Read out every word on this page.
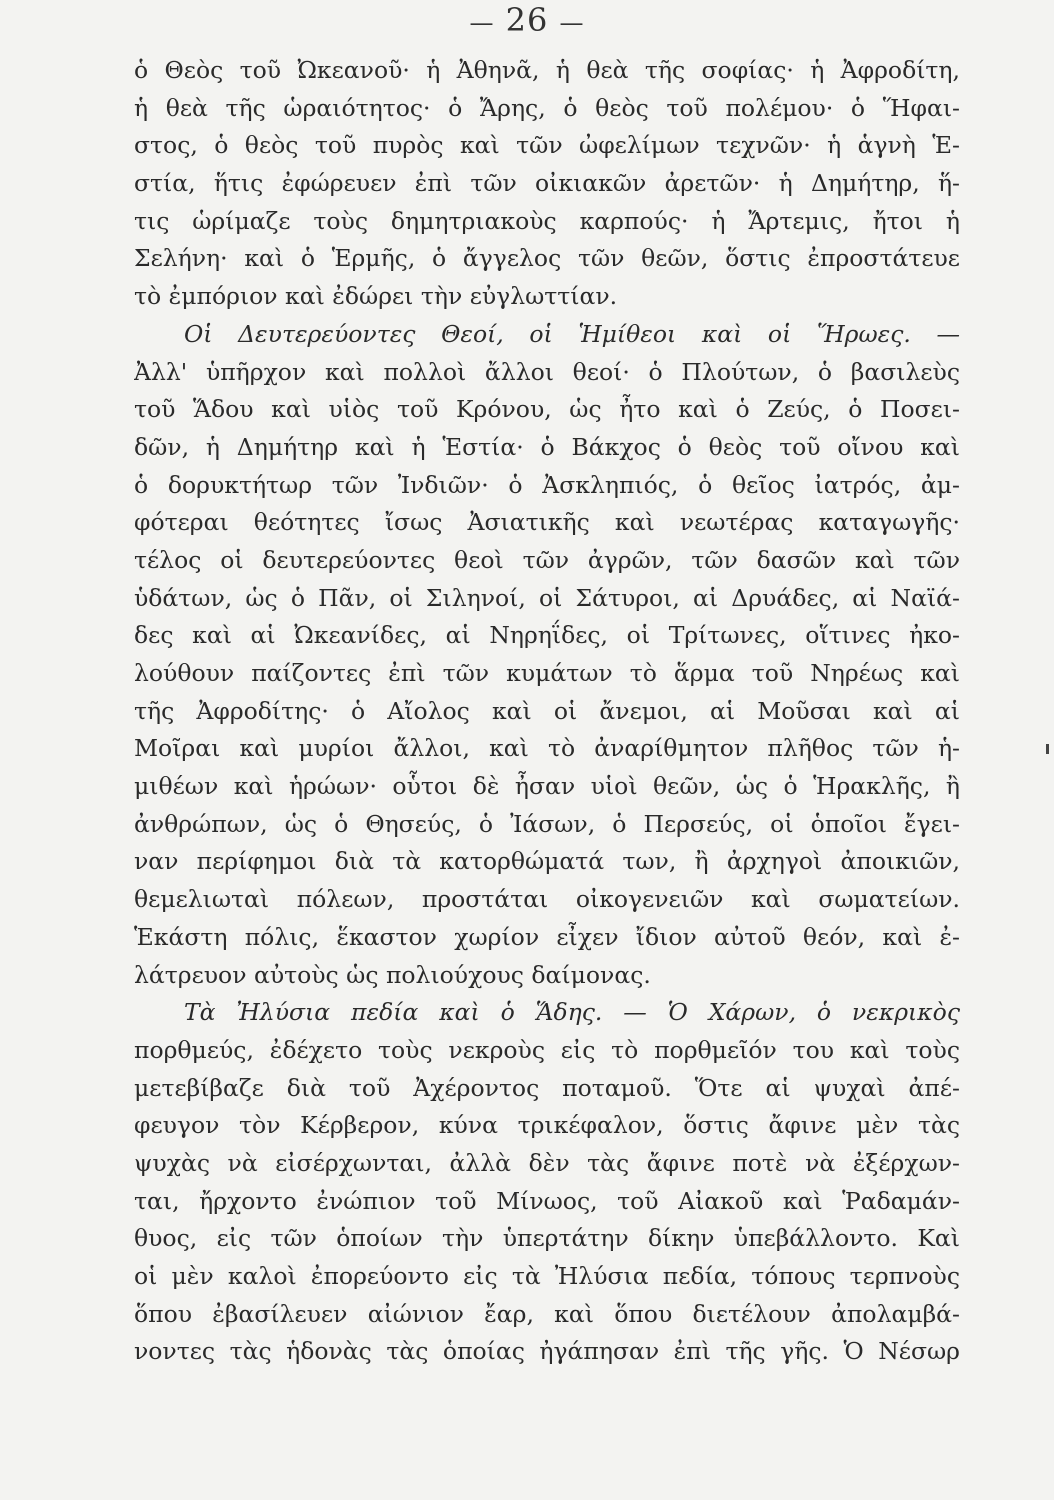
— 26 —
ὁ Θεὸς τοῦ Ὠκεανοῦ· ἡ Ἀθηνᾶ, ἡ θεὰ τῆς σοφίας· ἡ Ἀφροδίτη,
ἡ θεὰ τῆς ὡραιότητος· ὁ Ἄρης, ὁ θεὸς τοῦ πολέμου· ὁ Ἥφαι-
στος, ὁ θεὸς τοῦ πυρὸς καὶ τῶν ὠφελίμων τεχνῶν· ἡ ἁγνὴ Ἑ-
στία, ἥτις ἐφώρευεν ἐπὶ τῶν οἰκιακῶν ἀρετῶν· ἡ Δημήτηρ, ἥ-
τις ὡρίμαζε τοὺς δημητριακοὺς καρπούς· ἡ Ἄρτεμις, ἤτοι ἡ
Σελήνη· καὶ ὁ Ἑρμῆς, ὁ ἄγγελος τῶν θεῶν, ὅστις ἐπροστάτευε
τὸ ἐμπόριον καὶ ἐδώρει τὴν εὐγλωττίαν.
Οἱ Δευτερεύοντες Θεοί, οἱ Ἡμίθεοι καὶ οἱ Ἥρωες. —
Ἀλλ' ὑπῆρχον καὶ πολλοὶ ἄλλοι θεοί· ὁ Πλούτων, ὁ βασιλεὺς
τοῦ Ἅδου καὶ υἱὸς τοῦ Κρόνου, ὡς ἦτο καὶ ὁ Ζεύς, ὁ Ποσει-
δῶν, ἡ Δημήτηρ καὶ ἡ Ἑστία· ὁ Βάκχος ὁ θεὸς τοῦ οἴνου καὶ
ὁ δορυκτήτωρ τῶν Ἰνδιῶν· ὁ Ἀσκληπιός, ὁ θεῖος ἰατρός, ἀμ-
φότεραι θεότητες ἴσως Ἀσιατικῆς καὶ νεωτέρας καταγωγῆς·
τέλος οἱ δευτερεύοντες θεοὶ τῶν ἀγρῶν, τῶν δασῶν καὶ τῶν
ὑδάτων, ὡς ὁ Πᾶν, οἱ Σιληνοί, οἱ Σάτυροι, αἱ Δρυάδες, αἱ Ναϊά-
δες καὶ αἱ Ὠκεανίδες, αἱ Νηρηΐδες, οἱ Τρίτωνες, οἵτινες ἠκο-
λούθουν παίζοντες ἐπὶ τῶν κυμάτων τὸ ἅρμα τοῦ Νηρέως καὶ
τῆς Ἀφροδίτης· ὁ Αἴολος καὶ οἱ ἄνεμοι, αἱ Μοῦσαι καὶ αἱ
Μοῖραι καὶ μυρίοι ἄλλοι, καὶ τὸ ἀναρίθμητον πλῆθος τῶν ἡ-
μιθέων καὶ ἡρώων· οὗτοι δὲ ἦσαν υἱοὶ θεῶν, ὡς ὁ Ἡρακλῆς, ἢ
ἀνθρώπων, ὡς ὁ Θησεύς, ὁ Ἰάσων, ὁ Περσεύς, οἱ ὁποῖοι ἔγει-
ναν περίφημοι διὰ τὰ κατορθώματά των, ἢ ἀρχηγοὶ ἀποικιῶν,
θεμελιωταὶ πόλεων, προστάται οἰκογενειῶν καὶ σωματείων.
Ἑκάστη πόλις, ἕκαστον χωρίον εἶχεν ἴδιον αὐτοῦ θεόν, καὶ ἐ-
λάτρευον αὐτοὺς ὡς πολιούχους δαίμονας.
Τὰ Ἠλύσια πεδία καὶ ὁ Ἅδης. — Ὁ Χάρων, ὁ νεκρικὸς
πορθμεύς, ἐδέχετο τοὺς νεκροὺς εἰς τὸ πορθμεῖόν του καὶ τοὺς
μετεβίβαζε διὰ τοῦ Ἀχέροντος ποταμοῦ. Ὅτε αἱ ψυχαὶ ἀπέ-
φευγον τὸν Κέρβερον, κύνα τρικέφαλον, ὅστις ἄφινε μὲν τὰς
ψυχὰς νὰ εἰσέρχωνται, ἀλλὰ δὲν τὰς ἄφινε ποτὲ νὰ ἐξέρχων-
ται, ἤρχοντο ἐνώπιον τοῦ Μίνωος, τοῦ Αἰακοῦ καὶ Ῥαδαμάν-
θυος, εἰς τῶν ὁποίων τὴν ὑπερτάτην δίκην ὑπεβάλλοντο. Καὶ
οἱ μὲν καλοὶ ἐπορεύοντο εἰς τὰ Ἠλύσια πεδία, τόπους τερπνοὺς
ὅπου ἐβασίλευεν αἰώνιον ἔαρ, καὶ ὅπου διετέλουν ἀπολαμβά-
νοντες τὰς ἡδονὰς τὰς ὁποίας ἠγάπησαν ἐπὶ τῆς γῆς. Ὁ Νέσωρ
